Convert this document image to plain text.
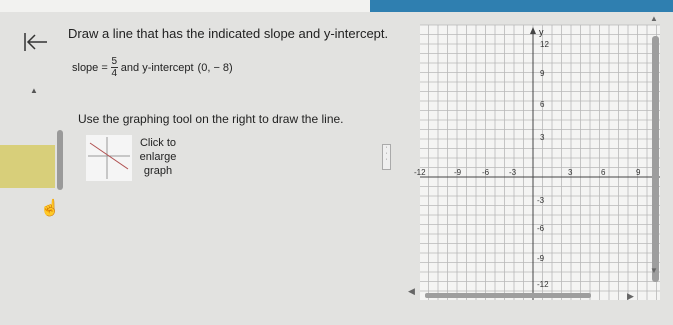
Draw a line that has the indicated slope and y-intercept.
slope = $\frac{5}{4}$ and y-intercept (0, − 8)
▲
Use the graphing tool on the right to draw the line.
Click to
enlarge
graph
☝
·
·
·
y
-12	-9	-6 -3	3	6	9
12
9
6
3
-3
-6
-9
-12
▲
▼
◀	▶
